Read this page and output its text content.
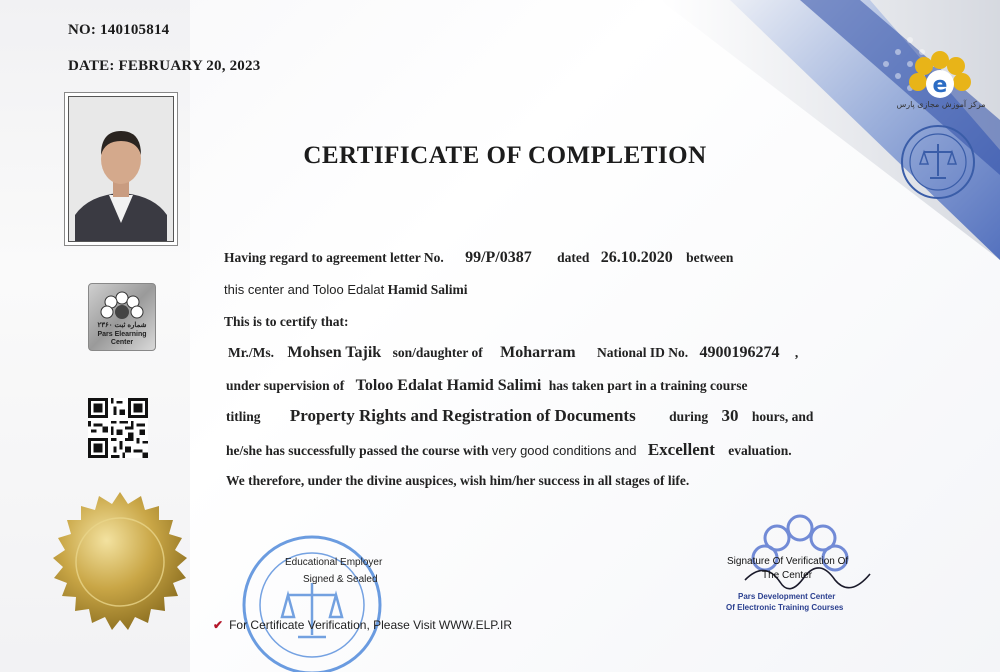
NO: 140105814
DATE: FEBRUARY 20, 2023
e
مرکز آموزش مجازی پارس
شماره ثبت ۲۳۶۰
Pars Elearning
Center
CERTIFICATE OF COMPLETION
Having regard to agreement letter No. 99/P/0387 dated 26.10.2020 between
this center and Toloo Edalat Hamid Salimi
This is to certify that:
Mr./Ms. Mohsen Tajik son/daughter of Moharram National ID No. 4900196274 ,
under supervision of Toloo Edalat Hamid Salimi has taken part in a training course
titling Property Rights and Registration of Documents during 30 hours, and
he/she has successfully passed the course with very good conditions and Excellent evaluation.
We therefore, under the divine auspices, wish him/her success in all stages of life.
Educational Employer
Signed & Sealed
✔ For Certificate Verification, Please Visit WWW.ELP.IR
Signature Of Verification Of
The Center
Pars Development Center
Of Electronic Training Courses
